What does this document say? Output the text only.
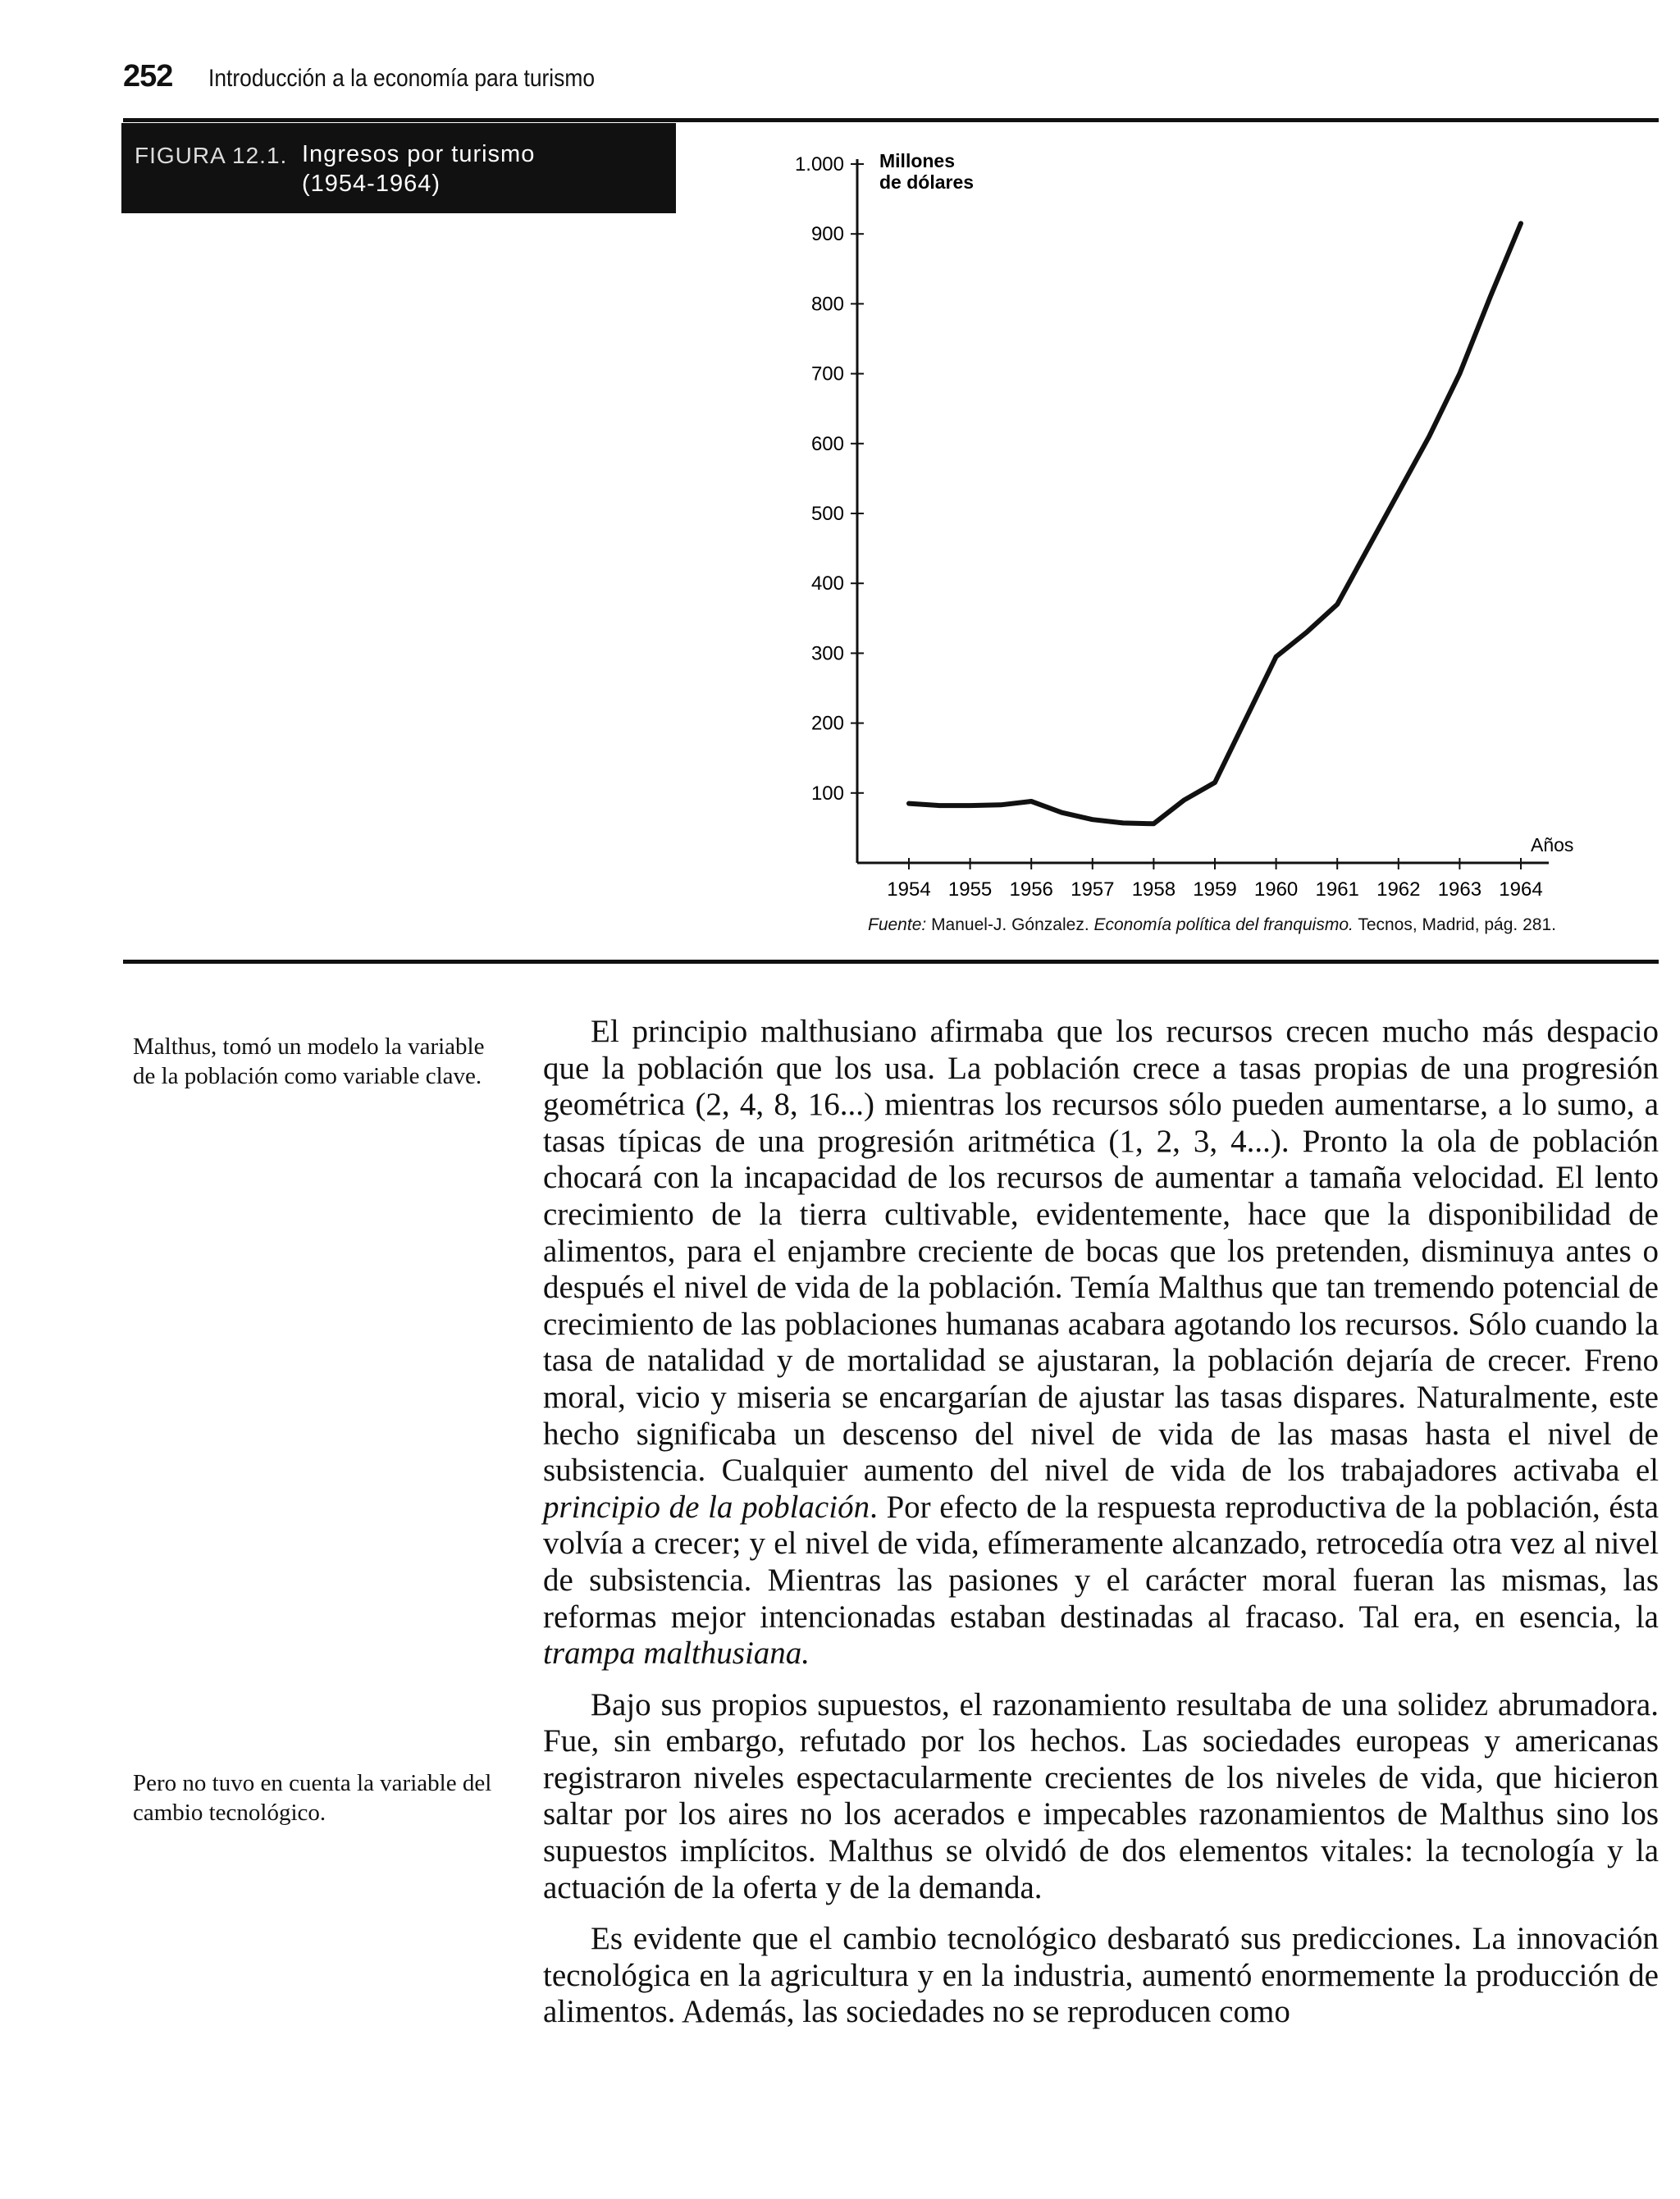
252 Introducción a la economía para turismo
FIGURA 12.1. Ingresos por turismo
(1954-1964)
100
200
300
400
500
600
700
800
900
1.000
1954 1955 1956 1957 1958 1959 1960 1961 1962 1963 1964
Millones
de dólares
Años
Fuente: Manuel-J. Gónzalez. Economía política del franquismo. Tecnos, Madrid, pág. 281.
Malthus, tomó un modelo la variable de la población como variable clave.
Pero no tuvo en cuenta la variable del cambio tecnológico.

El principio malthusiano afirmaba que los recursos crecen mucho más despacio que la población que los usa. La población crece a tasas propias de una progresión geométrica (2, 4, 8, 16...) mientras los recursos sólo pueden aumentarse, a lo sumo, a tasas típicas de una progresión aritmética (1, 2, 3, 4...). Pronto la ola de población chocará con la incapacidad de los recursos de aumentar a tamaña velocidad. El lento crecimiento de la tierra cultivable, evidentemente, hace que la disponibilidad de alimentos, para el enjambre creciente de bocas que los pretenden, disminuya antes o después el nivel de vida de la población. Temía Malthus que tan tremendo potencial de crecimiento de las poblaciones humanas acabara agotando los recursos. Sólo cuando la tasa de natalidad y de mortalidad se ajustaran, la población dejaría de crecer. Freno moral, vicio y miseria se encargarían de ajustar las tasas dispares. Naturalmente, este hecho significaba un descenso del nivel de vida de las masas hasta el nivel de subsistencia. Cualquier aumento del nivel de vida de los trabajadores activaba el principio de la población. Por efecto de la respuesta reproductiva de la población, ésta volvía a crecer; y el nivel de vida, efímeramente alcanzado, retrocedía otra vez al nivel de subsistencia. Mientras las pasiones y el carácter moral fueran las mismas, las reformas mejor intencionadas estaban destinadas al fracaso. Tal era, en esencia, la trampa malthusiana.

Bajo sus propios supuestos, el razonamiento resultaba de una solidez abrumadora. Fue, sin embargo, refutado por los hechos. Las sociedades europeas y americanas registraron niveles espectacularmente crecientes de los niveles de vida, que hicieron saltar por los aires no los acerados e impecables razonamientos de Malthus sino los supuestos implícitos. Malthus se olvidó de dos elementos vitales: la tecnología y la actuación de la oferta y de la demanda.

Es evidente que el cambio tecnológico desbarató sus predicciones. La innovación tecnológica en la agricultura y en la industria, aumentó enormemente la producción de alimentos. Además, las sociedades no se reproducen como
